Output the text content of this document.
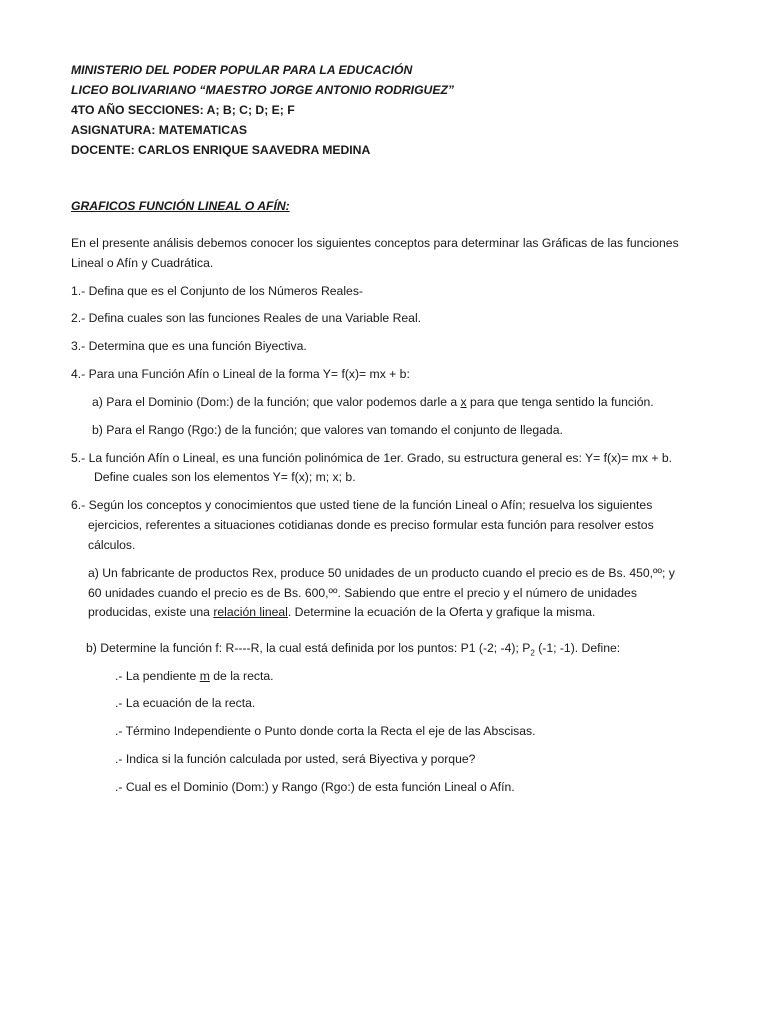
MINISTERIO DEL PODER POPULAR PARA LA EDUCACIÓN
LICEO BOLIVARIANO “MAESTRO JORGE ANTONIO RODRIGUEZ”
4TO AÑO SECCIONES: A; B; C; D; E; F
ASIGNATURA: MATEMATICAS
DOCENTE: CARLOS ENRIQUE SAAVEDRA MEDINA
GRAFICOS FUNCIÓN LINEAL O AFÍN:
En el presente análisis debemos conocer los siguientes conceptos para determinar las Gráficas de las funciones
Lineal o Afín y Cuadrática.
1.- Defina que es el Conjunto de los Números Reales-
2.- Defina cuales son las funciones Reales de una Variable Real.
3.- Determina que es una función Biyectiva.
4.- Para una Función Afín o Lineal de la forma Y= f(x)= mx + b:
a) Para el Dominio (Dom:) de la función; que valor podemos darle a x para que tenga sentido la función.
b) Para el Rango (Rgo:) de la función; que valores van tomando el conjunto de llegada.
5.- La función Afín o Lineal, es una función polinómica de 1er. Grado, su estructura general es: Y= f(x)= mx + b.
Define cuales son los elementos Y= f(x); m; x; b.
6.- Según los conceptos y conocimientos que usted tiene de la función Lineal o Afín; resuelva los siguientes
ejercicios, referentes a situaciones cotidianas donde es preciso formular esta función para resolver estos
cálculos.
a) Un fabricante de productos Rex, produce 50 unidades de un producto cuando el precio es de Bs. 450,ºº; y
60 unidades cuando el precio es de Bs. 600,ºº. Sabiendo que entre el precio y el número de unidades
producidas, existe una relación lineal. Determine la ecuación de la Oferta y grafique la misma.
b) Determine la función f: R----R, la cual está definida por los puntos: P1 (-2; -4); $P_2$ (-1; -1). Define:
.- La pendiente m de la recta.
.- La ecuación de la recta.
.- Término Independiente o Punto donde corta la Recta el eje de las Abscisas.
.- Indica si la función calculada por usted, será Biyectiva y porque?
.- Cual es el Dominio (Dom:) y Rango (Rgo:) de esta función Lineal o Afín.
